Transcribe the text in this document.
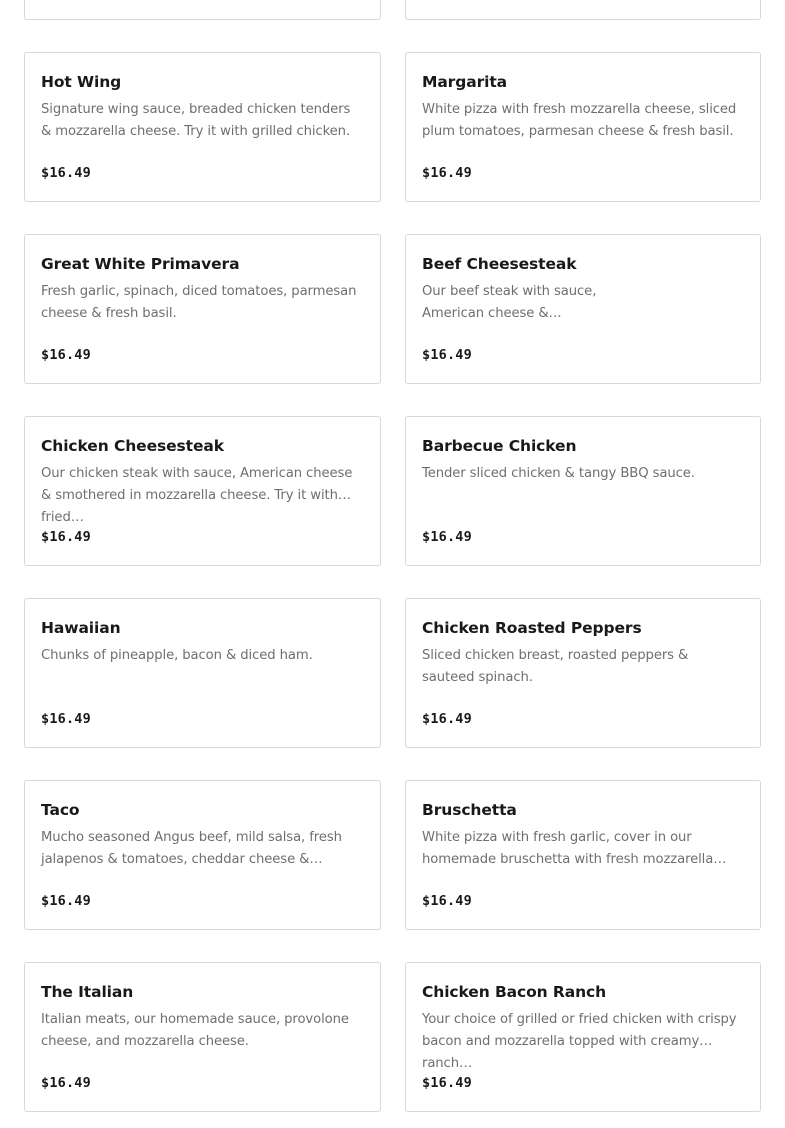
Hot Wing
Signature wing sauce, breaded chicken tenders & mozzarella cheese. Try it with grilled chicken.
$16.49
Margarita
White pizza with fresh mozzarella cheese, sliced plum tomatoes, parmesan cheese & fresh basil.
$16.49
Great White Primavera
Fresh garlic, spinach, diced tomatoes, parmesan cheese & fresh basil.
$16.49
Beef Cheesesteak
Our beef steak with sauce,
American cheese &…
$16.49
Chicken Cheesesteak
Our chicken steak with sauce, American cheese & smothered in mozzarella cheese. Try it with fried…
$16.49
Barbecue Chicken
Tender sliced chicken & tangy BBQ sauce.
$16.49
Hawaiian
Chunks of pineapple, bacon & diced ham.
$16.49
Chicken Roasted Peppers
Sliced chicken breast, roasted peppers & sauteed spinach.
$16.49
Taco
Mucho seasoned Angus beef, mild salsa, fresh jalapenos & tomatoes, cheddar cheese &…
$16.49
Bruschetta
White pizza with fresh garlic, cover in our homemade bruschetta with fresh mozzarella…
$16.49
The Italian
Italian meats, our homemade sauce, provolone cheese, and mozzarella cheese.
$16.49
Chicken Bacon Ranch
Your choice of grilled or fried chicken with crispy bacon and mozzarella topped with creamy ranch…
$16.49
